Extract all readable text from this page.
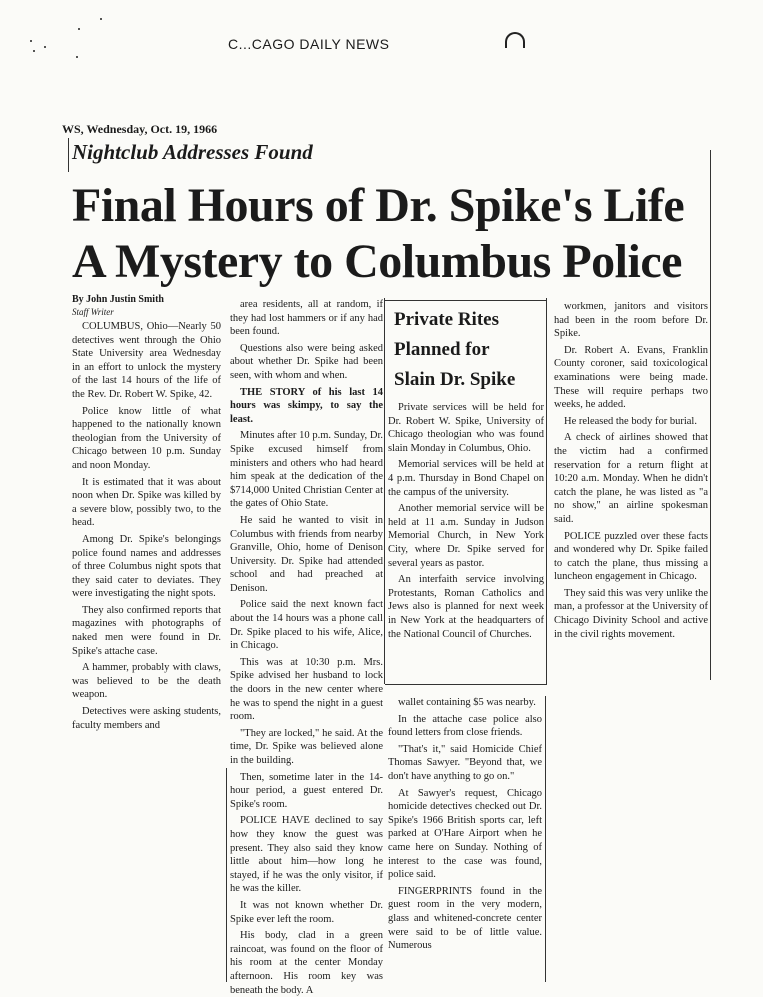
C...CAGO DAILY NEWS
WS, Wednesday, Oct. 19, 1966
Nightclub Addresses Found
Final Hours of Dr. Spike's Life
A Mystery to Columbus Police
By John Justin Smith
Staff Writer

COLUMBUS, Ohio—Nearly 50 detectives went through the Ohio State University area Wednesday in an effort to unlock the mystery of the last 14 hours of the life of the Rev. Dr. Robert W. Spike, 42.

Police know little of what happened to the nationally known theologian from the University of Chicago between 10 p.m. Sunday and noon Monday.

It is estimated that it was about noon when Dr. Spike was killed by a severe blow, possibly two, to the head.

Among Dr. Spike's belongings police found names and addresses of three Columbus night spots that they said cater to deviates. They were investigating the night spots.

They also confirmed reports that magazines with photographs of naked men were found in Dr. Spike's attache case.

A hammer, probably with claws, was believed to be the death weapon.

Detectives were asking students, faculty members and

area residents, all at random, if they had lost hammers or if any had been found.

Questions also were being asked about whether Dr. Spike had been seen, with whom and when.

THE STORY of his last 14 hours was skimpy, to say the least.

Minutes after 10 p.m. Sunday, Dr. Spike excused himself from ministers and others who had heard him speak at the dedication of the $714,000 United Christian Center at the gates of Ohio State.

He said he wanted to visit in Columbus with friends from nearby Granville, Ohio, home of Denison University. Dr. Spike had attended school and had preached at Denison.

Police said the next known fact about the 14 hours was a phone call Dr. Spike placed to his wife, Alice, in Chicago.

This was at 10:30 p.m. Mrs. Spike advised her husband to lock the doors in the new center where he was to spend the night in a guest room.

"They are locked," he said. At the time, Dr. Spike was believed alone in the building.

Then, sometime later in the 14-hour period, a guest entered Dr. Spike's room.

POLICE HAVE declined to say how they know the guest was present. They also said they know little about him—how long he stayed, if he was the only visitor, if he was the killer.

It was not known whether Dr. Spike ever left the room.

His body, clad in a green raincoat, was found on the floor of his room at the center Monday afternoon. His room key was beneath the body. A

Private Rites
Planned for
Slain Dr. Spike

Private services will be held for Dr. Robert W. Spike, University of Chicago theologian who was found slain Monday in Columbus, Ohio.

Memorial services will be held at 4 p.m. Thursday in Bond Chapel on the campus of the university.

Another memorial service will be held at 11 a.m. Sunday in Judson Memorial Church, in New York City, where Dr. Spike served for several years as pastor.

An interfaith service involving Protestants, Roman Catholics and Jews also is planned for next week in New York at the headquarters of the National Council of Churches.

wallet containing $5 was nearby.

In the attache case police also found letters from close friends.

"That's it," said Homicide Chief Thomas Sawyer. "Beyond that, we don't have anything to go on."

At Sawyer's request, Chicago homicide detectives checked out Dr. Spike's 1966 British sports car, left parked at O'Hare Airport when he came here on Sunday. Nothing of interest to the case was found, police said.

FINGERPRINTS found in the guest room in the very modern, glass and whitened-concrete center were said to be of little value. Numerous

workmen, janitors and visitors had been in the room before Dr. Spike.

Dr. Robert A. Evans, Franklin County coroner, said toxicological examinations were being made. These will require perhaps two weeks, he added.

He released the body for burial.

A check of airlines showed that the victim had a confirmed reservation for a return flight at 10:20 a.m. Monday. When he didn't catch the plane, he was listed as "a no show," an airline spokesman said.

POLICE puzzled over these facts and wondered why Dr. Spike failed to catch the plane, thus missing a luncheon engagement in Chicago.

They said this was very unlike the man, a professor at the University of Chicago Divinity School and active in the civil rights movement.
